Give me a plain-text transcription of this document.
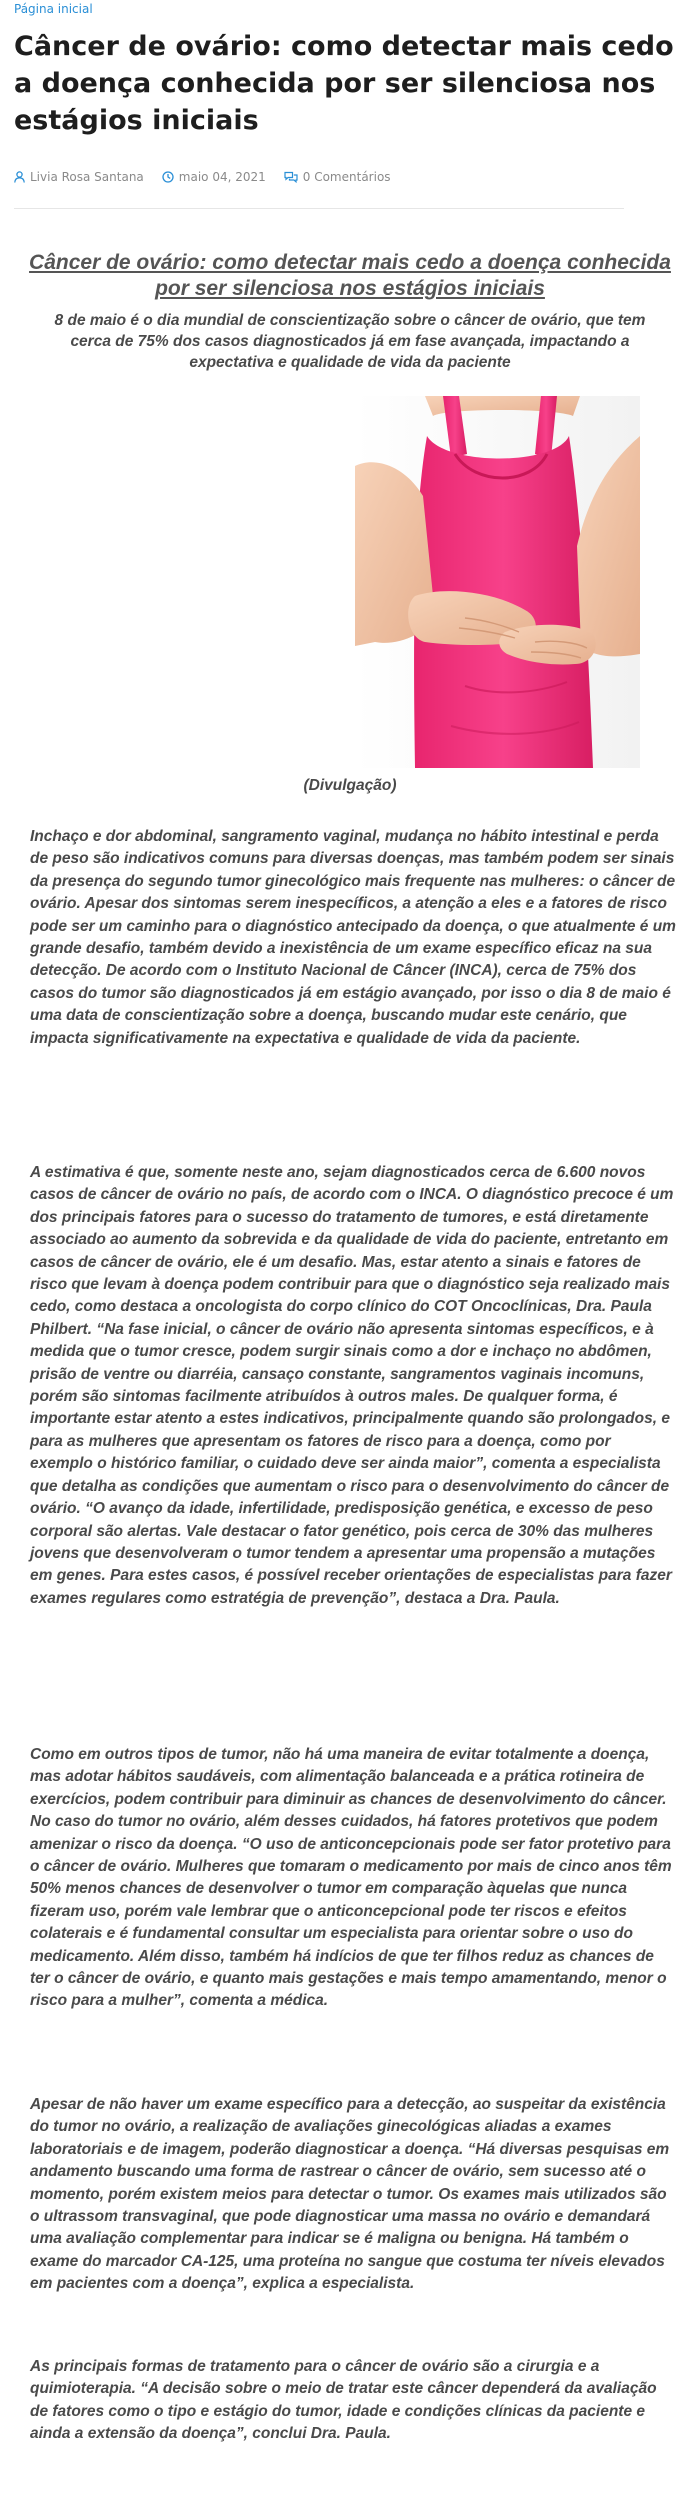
Página inicial
Câncer de ovário: como detectar mais cedo a doença conhecida por ser silenciosa nos estágios iniciais
Livia Rosa Santana	maio 04, 2021	0 Comentários
Câncer de ovário: como detectar mais cedo a doença conhecida por ser silenciosa nos estágios iniciais

8 de maio é o dia mundial de conscientização sobre o câncer de ovário, que tem cerca de 75% dos casos diagnosticados já em fase avançada, impactando a expectativa e qualidade de vida da paciente

(Divulgação)

Inchaço e dor abdominal, sangramento vaginal, mudança no hábito intestinal e perda de peso são indicativos comuns para diversas doenças, mas também podem ser sinais da presença do segundo tumor ginecológico mais frequente nas mulheres: o câncer de ovário. Apesar dos sintomas serem inespecíficos, a atenção a eles e a fatores de risco pode ser um caminho para o diagnóstico antecipado da doença, o que atualmente é um grande desafio, também devido a inexistência de um exame específico eficaz na sua detecção. De acordo com o Instituto Nacional de Câncer (INCA), cerca de 75% dos casos do tumor são diagnosticados já em estágio avançado, por isso o dia 8 de maio é uma data de conscientização sobre a doença, buscando mudar este cenário, que impacta significativamente na expectativa e qualidade de vida da paciente.

A estimativa é que, somente neste ano, sejam diagnosticados cerca de 6.600 novos casos de câncer de ovário no país, de acordo com o INCA. O diagnóstico precoce é um dos principais fatores para o sucesso do tratamento de tumores, e está diretamente associado ao aumento da sobrevida e da qualidade de vida do paciente, entretanto em casos de câncer de ovário, ele é um desafio. Mas, estar atento a sinais e fatores de risco que levam à doença podem contribuir para que o diagnóstico seja realizado mais cedo, como destaca a oncologista do corpo clínico do COT Oncoclínicas, Dra. Paula Philbert. “Na fase inicial, o câncer de ovário não apresenta sintomas específicos, e à medida que o tumor cresce, podem surgir sinais como a dor e inchaço no abdômen, prisão de ventre ou diarréia, cansaço constante, sangramentos vaginais incomuns, porém são sintomas facilmente atribuídos à outros males. De qualquer forma, é importante estar atento a estes indicativos, principalmente quando são prolongados, e para as mulheres que apresentam os fatores de risco para a doença, como por exemplo o histórico familiar, o cuidado deve ser ainda maior”, comenta a especialista que detalha as condições que aumentam o risco para o desenvolvimento do câncer de ovário. “O avanço da idade, infertilidade, predisposição genética, e excesso de peso corporal são alertas. Vale destacar o fator genético, pois cerca de 30% das mulheres jovens que desenvolveram o tumor tendem a apresentar uma propensão a mutações em genes. Para estes casos, é possível receber orientações de especialistas para fazer exames regulares como estratégia de prevenção”, destaca a Dra. Paula.

Como em outros tipos de tumor, não há uma maneira de evitar totalmente a doença, mas adotar hábitos saudáveis, com alimentação balanceada e a prática rotineira de exercícios, podem contribuir para diminuir as chances de desenvolvimento do câncer. No caso do tumor no ovário, além desses cuidados, há fatores protetivos que podem amenizar o risco da doença. “O uso de anticoncepcionais pode ser fator protetivo para o câncer de ovário. Mulheres que tomaram o medicamento por mais de cinco anos têm 50% menos chances de desenvolver o tumor em comparação àquelas que nunca fizeram uso, porém vale lembrar que o anticoncepcional pode ter riscos e efeitos colaterais e é fundamental consultar um especialista para orientar sobre o uso do medicamento. Além disso, também há indícios de que ter filhos reduz as chances de ter o câncer de ovário, e quanto mais gestações e mais tempo amamentando, menor o risco para a mulher”, comenta a médica.

Apesar de não haver um exame específico para a detecção, ao suspeitar da existência do tumor no ovário, a realização de avaliações ginecológicas aliadas a exames laboratoriais e de imagem, poderão diagnosticar a doença. “Há diversas pesquisas em andamento buscando uma forma de rastrear o câncer de ovário, sem sucesso até o momento, porém existem meios para detectar o tumor. Os exames mais utilizados são o ultrassom transvaginal, que pode diagnosticar uma massa no ovário e demandará uma avaliação complementar para indicar se é maligna ou benigna. Há também o exame do marcador CA-125, uma proteína no sangue que costuma ter níveis elevados em pacientes com a doença”, explica a especialista.

As principais formas de tratamento para o câncer de ovário são a cirurgia e a quimioterapia. “A decisão sobre o meio de tratar este câncer dependerá da avaliação de fatores como o tipo e estágio do tumor, idade e condições clínicas da paciente e ainda a extensão da doença”, conclui Dra. Paula.
